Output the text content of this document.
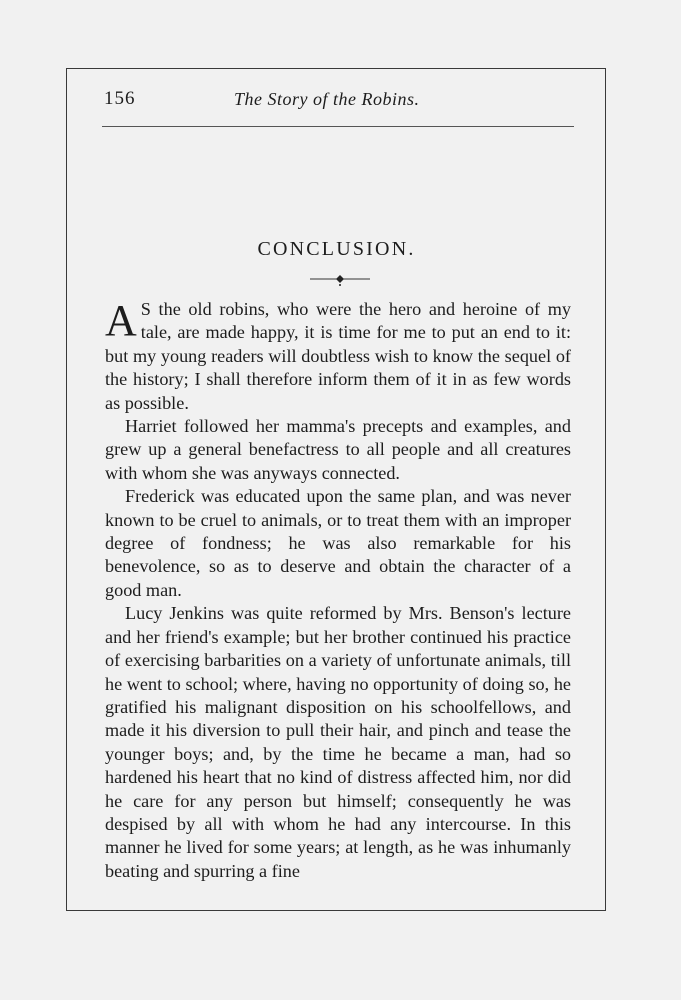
156	The Story of the Robins.
CONCLUSION.

A S the old robins, who were the hero and heroine of my tale, are made happy, it is time for me to put an end to it: but my young readers will doubtless wish to know the sequel of the history; I shall therefore inform them of it in as few words as possible.

Harriet followed her mamma's precepts and examples, and grew up a general benefactress to all people and all creatures with whom she was anyways connected.

Frederick was educated upon the same plan, and was never known to be cruel to animals, or to treat them with an improper degree of fondness; he was also remarkable for his benevolence, so as to deserve and obtain the character of a good man.

Lucy Jenkins was quite reformed by Mrs. Benson's lecture and her friend's example; but her brother continued his practice of exercising barbarities on a variety of unfortunate animals, till he went to school; where, having no opportunity of doing so, he gratified his malignant disposition on his schoolfellows, and made it his diversion to pull their hair, and pinch and tease the younger boys; and, by the time he became a man, had so hardened his heart that no kind of distress affected him, nor did he care for any person but himself; consequently he was despised by all with whom he had any intercourse. In this manner he lived for some years; at length, as he was inhumanly beating and spurring a fine
